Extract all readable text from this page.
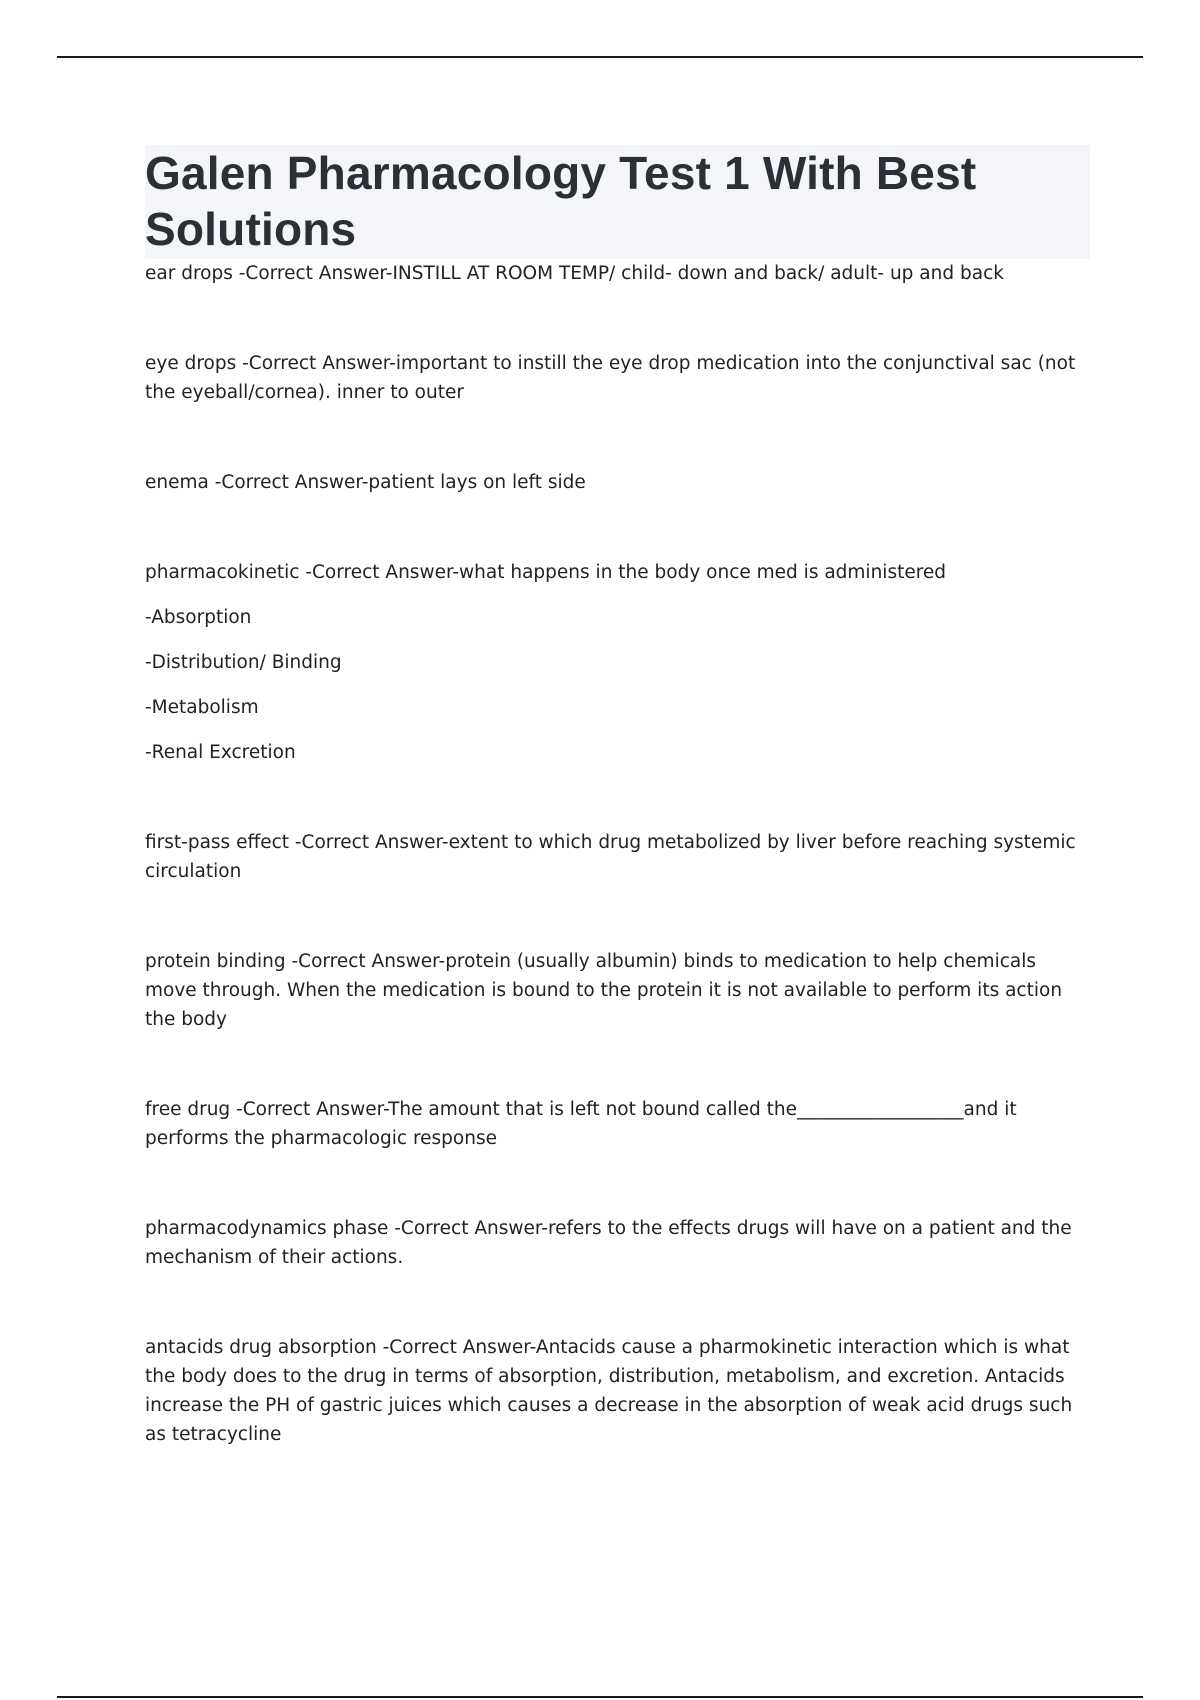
Galen Pharmacology Test 1 With Best Solutions
ear drops -Correct Answer-INSTILL AT ROOM TEMP/ child- down and back/ adult- up and back
eye drops -Correct Answer-important to instill the eye drop medication into the conjunctival sac (not the eyeball/cornea). inner to outer
enema -Correct Answer-patient lays on left side
pharmacokinetic -Correct Answer-what happens in the body once med is administered
-Absorption
-Distribution/ Binding
-Metabolism
-Renal Excretion
first-pass effect -Correct Answer-extent to which drug metabolized by liver before reaching systemic circulation
protein binding -Correct Answer-protein (usually albumin) binds to medication to help chemicals move through. When the medication is bound to the protein it is not available to perform its action the body
free drug -Correct Answer-The amount that is left not bound called the__________________and it performs the pharmacologic response
pharmacodynamics phase -Correct Answer-refers to the effects drugs will have on a patient and the mechanism of their actions.
antacids drug absorption -Correct Answer-Antacids cause a pharmokinetic interaction which is what the body does to the drug in terms of absorption, distribution, metabolism, and excretion. Antacids increase the PH of gastric juices which causes a decrease in the absorption of weak acid drugs such as tetracycline
